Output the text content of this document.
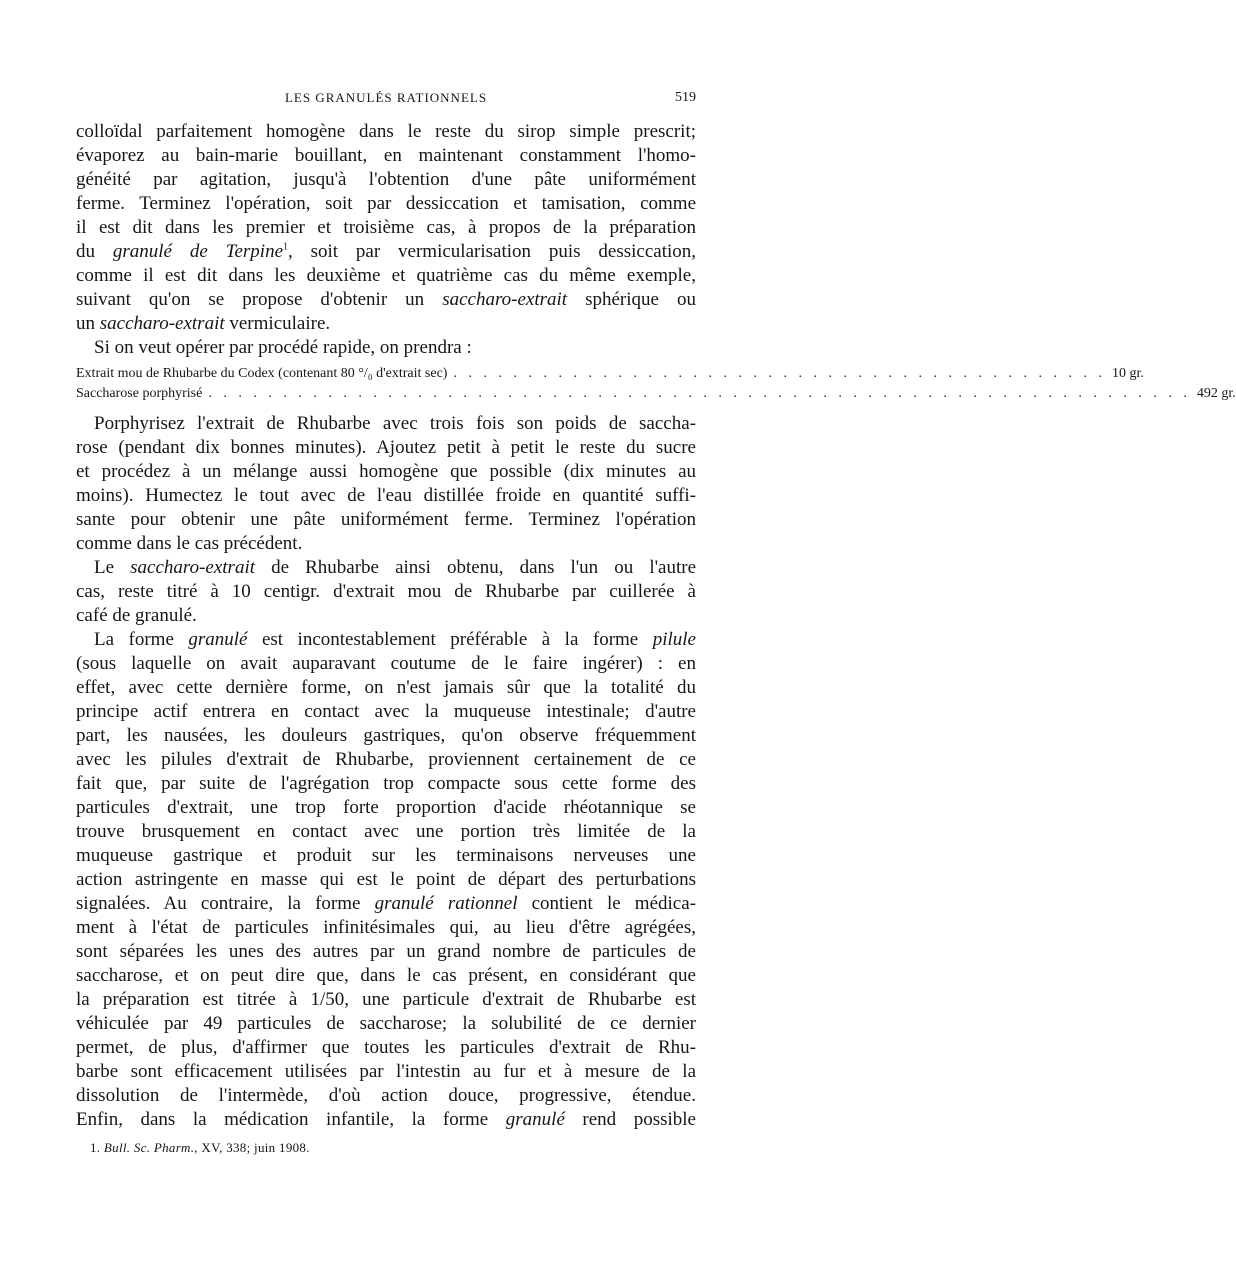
LES GRANULÉS RATIONNELS	519
colloïdal parfaitement homogène dans le reste du sirop simple prescrit;
évaporez au bain-marie bouillant, en maintenant constamment l'homo-
généité par agitation, jusqu'à l'obtention d'une pâte uniformément
ferme. Terminez l'opération, soit par dessiccation et tamisation, comme
il est dit dans les premier et troisième cas, à propos de la préparation
du granulé de Terpine$^1$, soit par vermicularisation puis dessiccation,
comme il est dit dans les deuxième et quatrième cas du même exemple,
suivant qu'on se propose d'obtenir un saccharo-extrait sphérique ou
un saccharo-extrait vermiculaire.
Si on veut opérer par procédé rapide, on prendra :
Extrait mou de Rhubarbe du Codex (contenant 80 °/₀ d'extrait sec) . . . . . . . . . . . . . . . . . . . . . . . . . . . . . . . . . . . . . . . . . . . . 10 gr.
Saccharose porphyrisé . . . . . . . . . . . . . . . . . . . . . . . . . . . . . . . . . . . . . . . . . . . . . . . . . . . . . . . . . . . . . . . . . . 492 gr.
Porphyrisez l'extrait de Rhubarbe avec trois fois son poids de saccha-
rose (pendant dix bonnes minutes). Ajoutez petit à petit le reste du sucre
et procédez à un mélange aussi homogène que possible (dix minutes au
moins). Humectez le tout avec de l'eau distillée froide en quantité suffi-
sante pour obtenir une pâte uniformément ferme. Terminez l'opération
comme dans le cas précédent.
Le saccharo-extrait de Rhubarbe ainsi obtenu, dans l'un ou l'autre
cas, reste titré à 10 centigr. d'extrait mou de Rhubarbe par cuillerée à
café de granulé.
La forme granulé est incontestablement préférable à la forme pilule
(sous laquelle on avait auparavant coutume de le faire ingérer) : en
effet, avec cette dernière forme, on n'est jamais sûr que la totalité du
principe actif entrera en contact avec la muqueuse intestinale; d'autre
part, les nausées, les douleurs gastriques, qu'on observe fréquemment
avec les pilules d'extrait de Rhubarbe, proviennent certainement de ce
fait que, par suite de l'agrégation trop compacte sous cette forme des
particules d'extrait, une trop forte proportion d'acide rhéotannique se
trouve brusquement en contact avec une portion très limitée de la
muqueuse gastrique et produit sur les terminaisons nerveuses une
action astringente en masse qui est le point de départ des perturbations
signalées. Au contraire, la forme granulé rationnel contient le médica-
ment à l'état de particules infinitésimales qui, au lieu d'être agrégées,
sont séparées les unes des autres par un grand nombre de particules de
saccharose, et on peut dire que, dans le cas présent, en considérant que
la préparation est titrée à 1/50, une particule d'extrait de Rhubarbe est
véhiculée par 49 particules de saccharose; la solubilité de ce dernier
permet, de plus, d'affirmer que toutes les particules d'extrait de Rhu-
barbe sont efficacement utilisées par l'intestin au fur et à mesure de la
dissolution de l'intermède, d'où action douce, progressive, étendue.
Enfin, dans la médication infantile, la forme granulé rend possible
1. Bull. Sc. Pharm., XV, 338; juin 1908.
